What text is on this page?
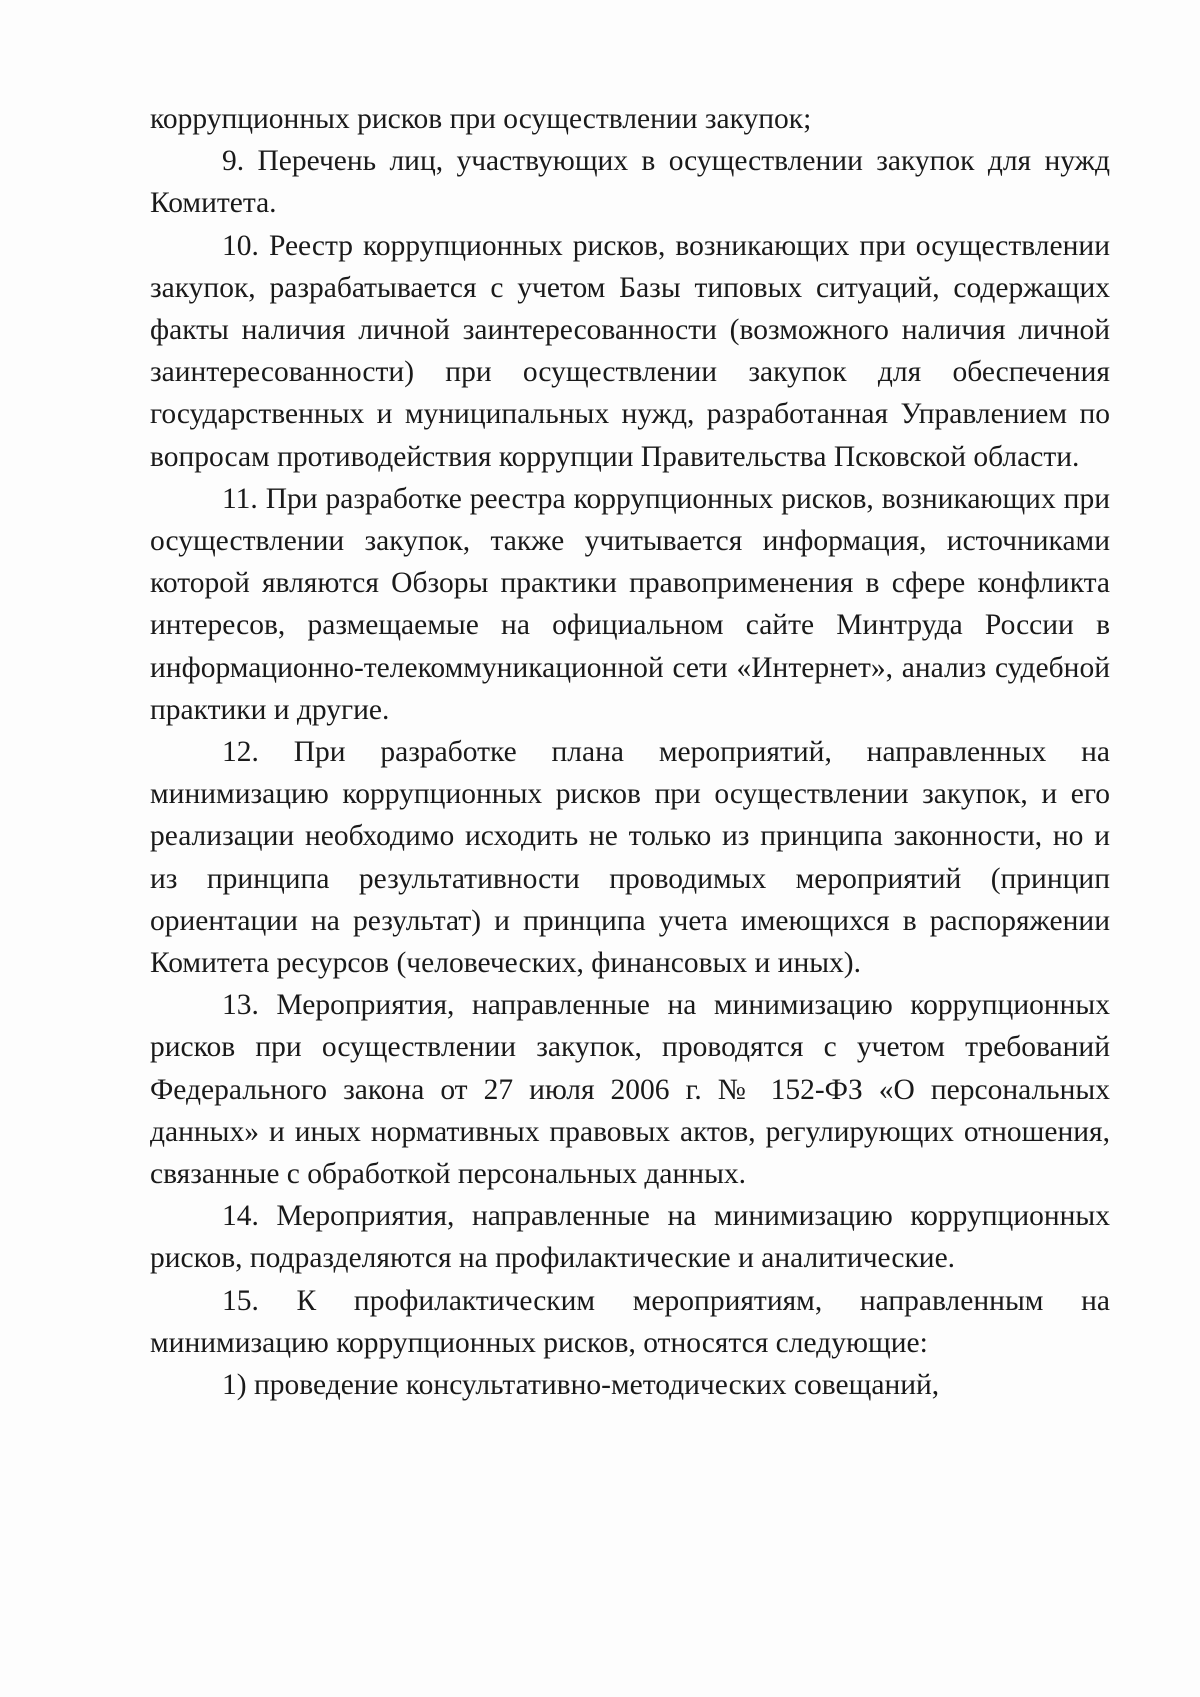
коррупционных рисков при осуществлении закупок;

9. Перечень лиц, участвующих в осуществлении закупок для нужд Комитета.

10. Реестр коррупционных рисков, возникающих при осуществлении закупок, разрабатывается с учетом Базы типовых ситуаций, содержащих факты наличия личной заинтересованности (возможного наличия личной заинтересованности) при осуществлении закупок для обеспечения государственных и муниципальных нужд, разработанная Управлением по вопросам противодействия коррупции Правительства Псковской области.

11. При разработке реестра коррупционных рисков, возникающих при осуществлении закупок, также учитывается информация, источниками которой являются Обзоры практики правоприменения в сфере конфликта интересов, размещаемые на официальном сайте Минтруда России в информационно-телекоммуникационной сети «Интернет», анализ судебной практики и другие.

12. При разработке плана мероприятий, направленных на минимизацию коррупционных рисков при осуществлении закупок, и его реализации необходимо исходить не только из принципа законности, но и из принципа результативности проводимых мероприятий (принцип ориентации на результат) и принципа учета имеющихся в распоряжении Комитета ресурсов (человеческих, финансовых и иных).

13. Мероприятия, направленные на минимизацию коррупционных рисков при осуществлении закупок, проводятся с учетом требований Федерального закона от 27 июля 2006 г. № 152-ФЗ «О персональных данных» и иных нормативных правовых актов, регулирующих отношения, связанные с обработкой персональных данных.

14. Мероприятия, направленные на минимизацию коррупционных рисков, подразделяются на профилактические и аналитические.

15. К профилактическим мероприятиям, направленным на минимизацию коррупционных рисков, относятся следующие:

1) проведение консультативно-методических совещаний,
